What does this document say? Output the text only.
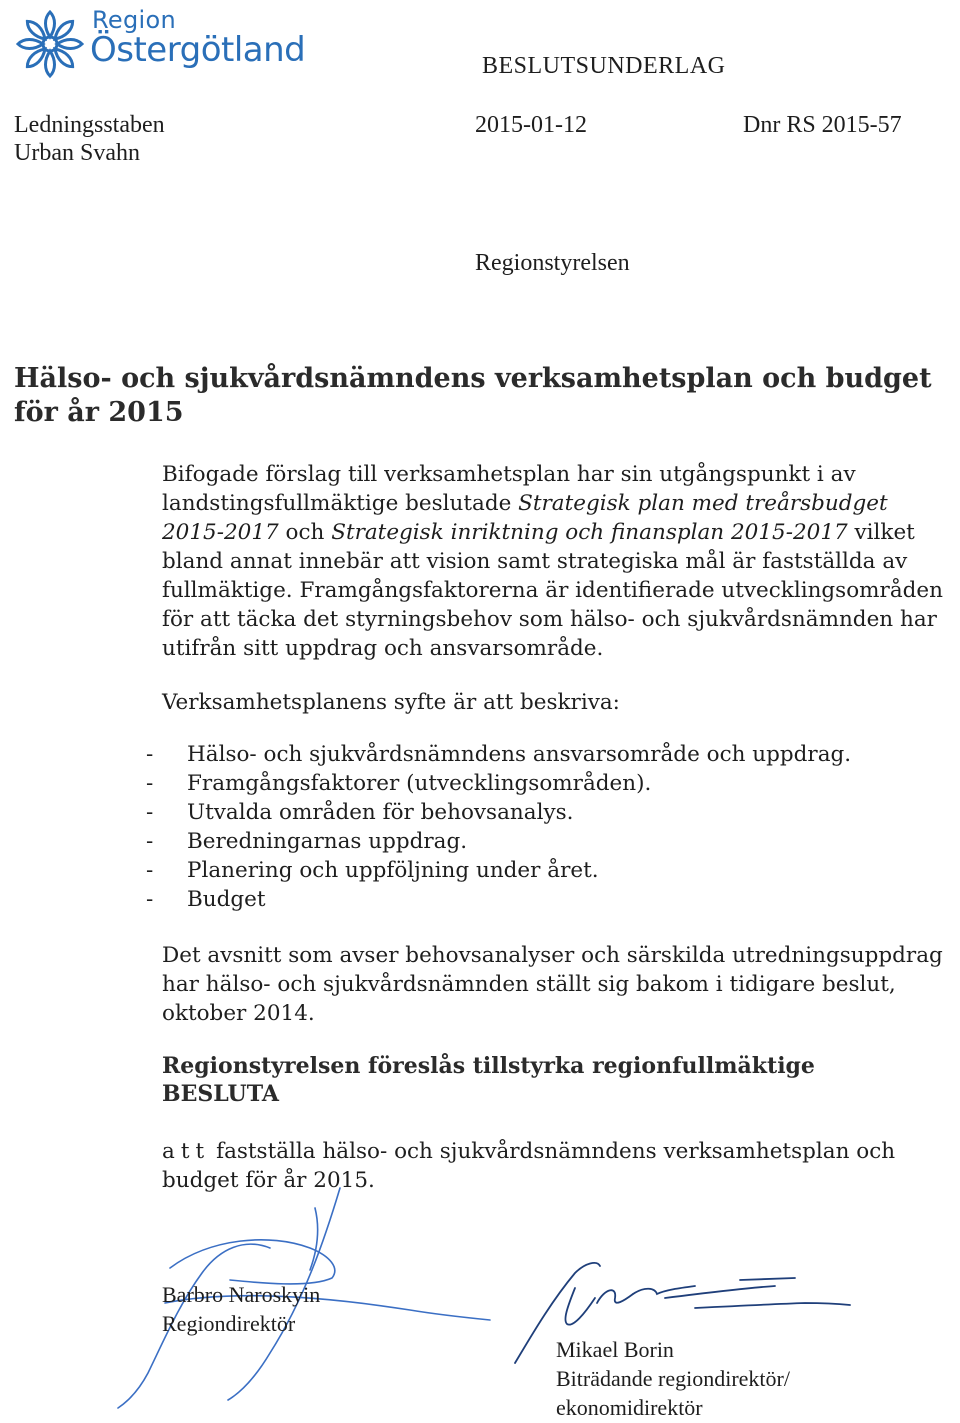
Region
Östergötland	BESLUTSUNDERLAG
Ledningsstaben
Urban Svahn
2015-01-12	Dnr RS 2015-57
Regionstyrelsen
Hälso- och sjukvårdsnämndens verksamhetsplan och budget för år 2015
Bifogade förslag till verksamhetsplan har sin utgångspunkt i av landstingsfullmäktige beslutade Strategisk plan med treårsbudget 2015-2017 och Strategisk inriktning och finansplan 2015-2017 vilket bland annat innebär att vision samt strategiska mål är fastställda av fullmäktige. Framgångsfaktorerna är identifierade utvecklingsområden för att täcka det styrningsbehov som hälso- och sjukvårdsnämnden har utifrån sitt uppdrag och ansvarsområde.
Verksamhetsplanens syfte är att beskriva:
- Hälso- och sjukvårdsnämndens ansvarsområde och uppdrag.
- Framgångsfaktorer (utvecklingsområden).
- Utvalda områden för behovsanalys.
- Beredningarnas uppdrag.
- Planering och uppföljning under året.
- Budget
Det avsnitt som avser behovsanalyser och särskilda utredningsuppdrag har hälso- och sjukvårdsnämnden ställt sig bakom i tidigare beslut, oktober 2014.
Regionstyrelsen föreslås tillstyrka regionfullmäktige
BESLUTA
att fastställa hälso- och sjukvårdsnämndens verksamhetsplan och budget för år 2015.
Barbro Naroskyin
Regiondirektör
Mikael Borin
Biträdande regiondirektör/
ekonomidirektör
